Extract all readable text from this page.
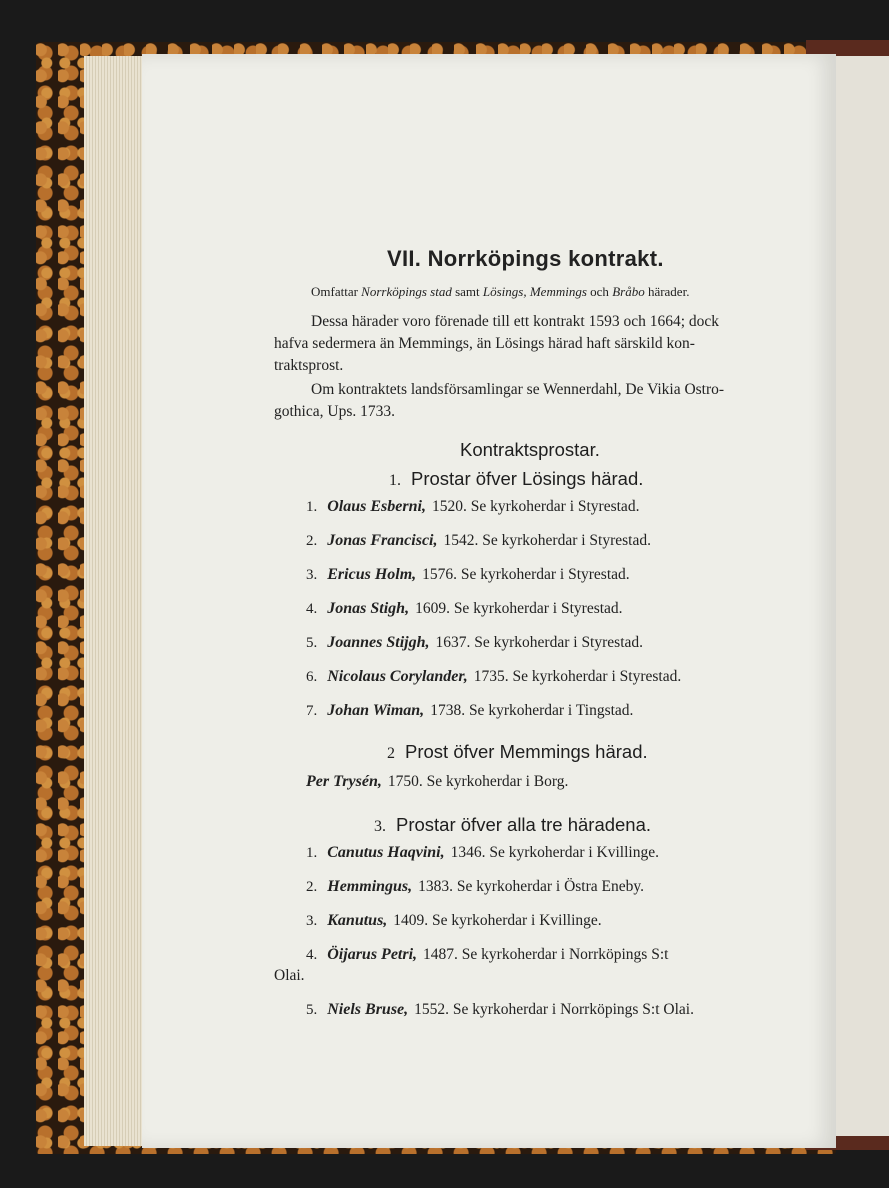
VII. Norrköpings kontrakt.
Omfattar Norrköpings stad samt Lösings, Memmings och Bråbo härader.
Dessa härader voro förenade till ett kontrakt 1593 och 1664; dock
hafva sedermera än Memmings, än Lösings härad haft särskild kon-
traktsprost.
Om kontraktets landsförsamlingar se Wennerdahl, De Vikia Ostro-
gothica, Ups. 1733.
Kontraktsprostar.
1. Prostar öfver Lösings härad.
1. Olaus Esberni, 1520. Se kyrkoherdar i Styrestad.
2. Jonas Francisci, 1542. Se kyrkoherdar i Styrestad.
3. Ericus Holm, 1576. Se kyrkoherdar i Styrestad.
4. Jonas Stigh, 1609. Se kyrkoherdar i Styrestad.
5. Joannes Stijgh, 1637. Se kyrkoherdar i Styrestad.
6. Nicolaus Corylander, 1735. Se kyrkoherdar i Styrestad.
7. Johan Wiman, 1738. Se kyrkoherdar i Tingstad.
2 Prost öfver Memmings härad.
Per Trysén, 1750. Se kyrkoherdar i Borg.
3. Prostar öfver alla tre häradena.
1. Canutus Haqvini, 1346. Se kyrkoherdar i Kvillinge.
2. Hemmingus, 1383. Se kyrkoherdar i Östra Eneby.
3. Kanutus, 1409. Se kyrkoherdar i Kvillinge.
4. Öijarus Petri, 1487. Se kyrkoherdar i Norrköpings S:t
Olai.
5. Niels Bruse, 1552. Se kyrkoherdar i Norrköpings S:t Olai.
